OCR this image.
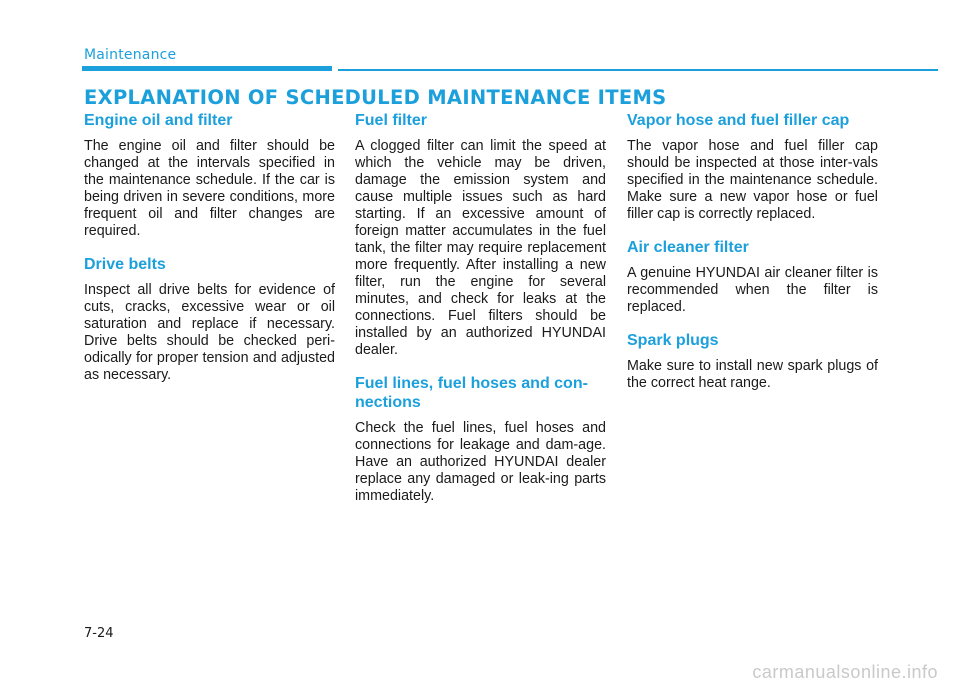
Maintenance
EXPLANATION OF SCHEDULED MAINTENANCE ITEMS
Engine oil and filter

The engine oil and filter should be changed at the intervals specified in the maintenance schedule. If the car is being driven in severe conditions, more frequent oil and filter changes are required.

Drive belts

Inspect all drive belts for evidence of cuts, cracks, excessive wear or oil saturation and replace if necessary. Drive belts should be checked peri-odically for proper tension and adjusted as necessary.

Fuel filter

A clogged filter can limit the speed at which the vehicle may be driven, damage the emission system and cause multiple issues such as hard starting. If an excessive amount of foreign matter accumulates in the fuel tank, the filter may require replacement more frequently. After installing a new filter, run the engine for several minutes, and check for leaks at the connections. Fuel filters should be installed by an authorized HYUNDAI dealer.

Fuel lines, fuel hoses and con-nections

Check the fuel lines, fuel hoses and connections for leakage and dam-age. Have an authorized HYUNDAI dealer replace any damaged or leak-ing parts immediately.

Vapor hose and fuel filler cap

The vapor hose and fuel filler cap should be inspected at those inter-vals specified in the maintenance schedule. Make sure a new vapor hose or fuel filler cap is correctly replaced.

Air cleaner filter

A genuine HYUNDAI air cleaner filter is recommended when the filter is replaced.

Spark plugs

Make sure to install new spark plugs of the correct heat range.

7-24
carmanualsonline.info
